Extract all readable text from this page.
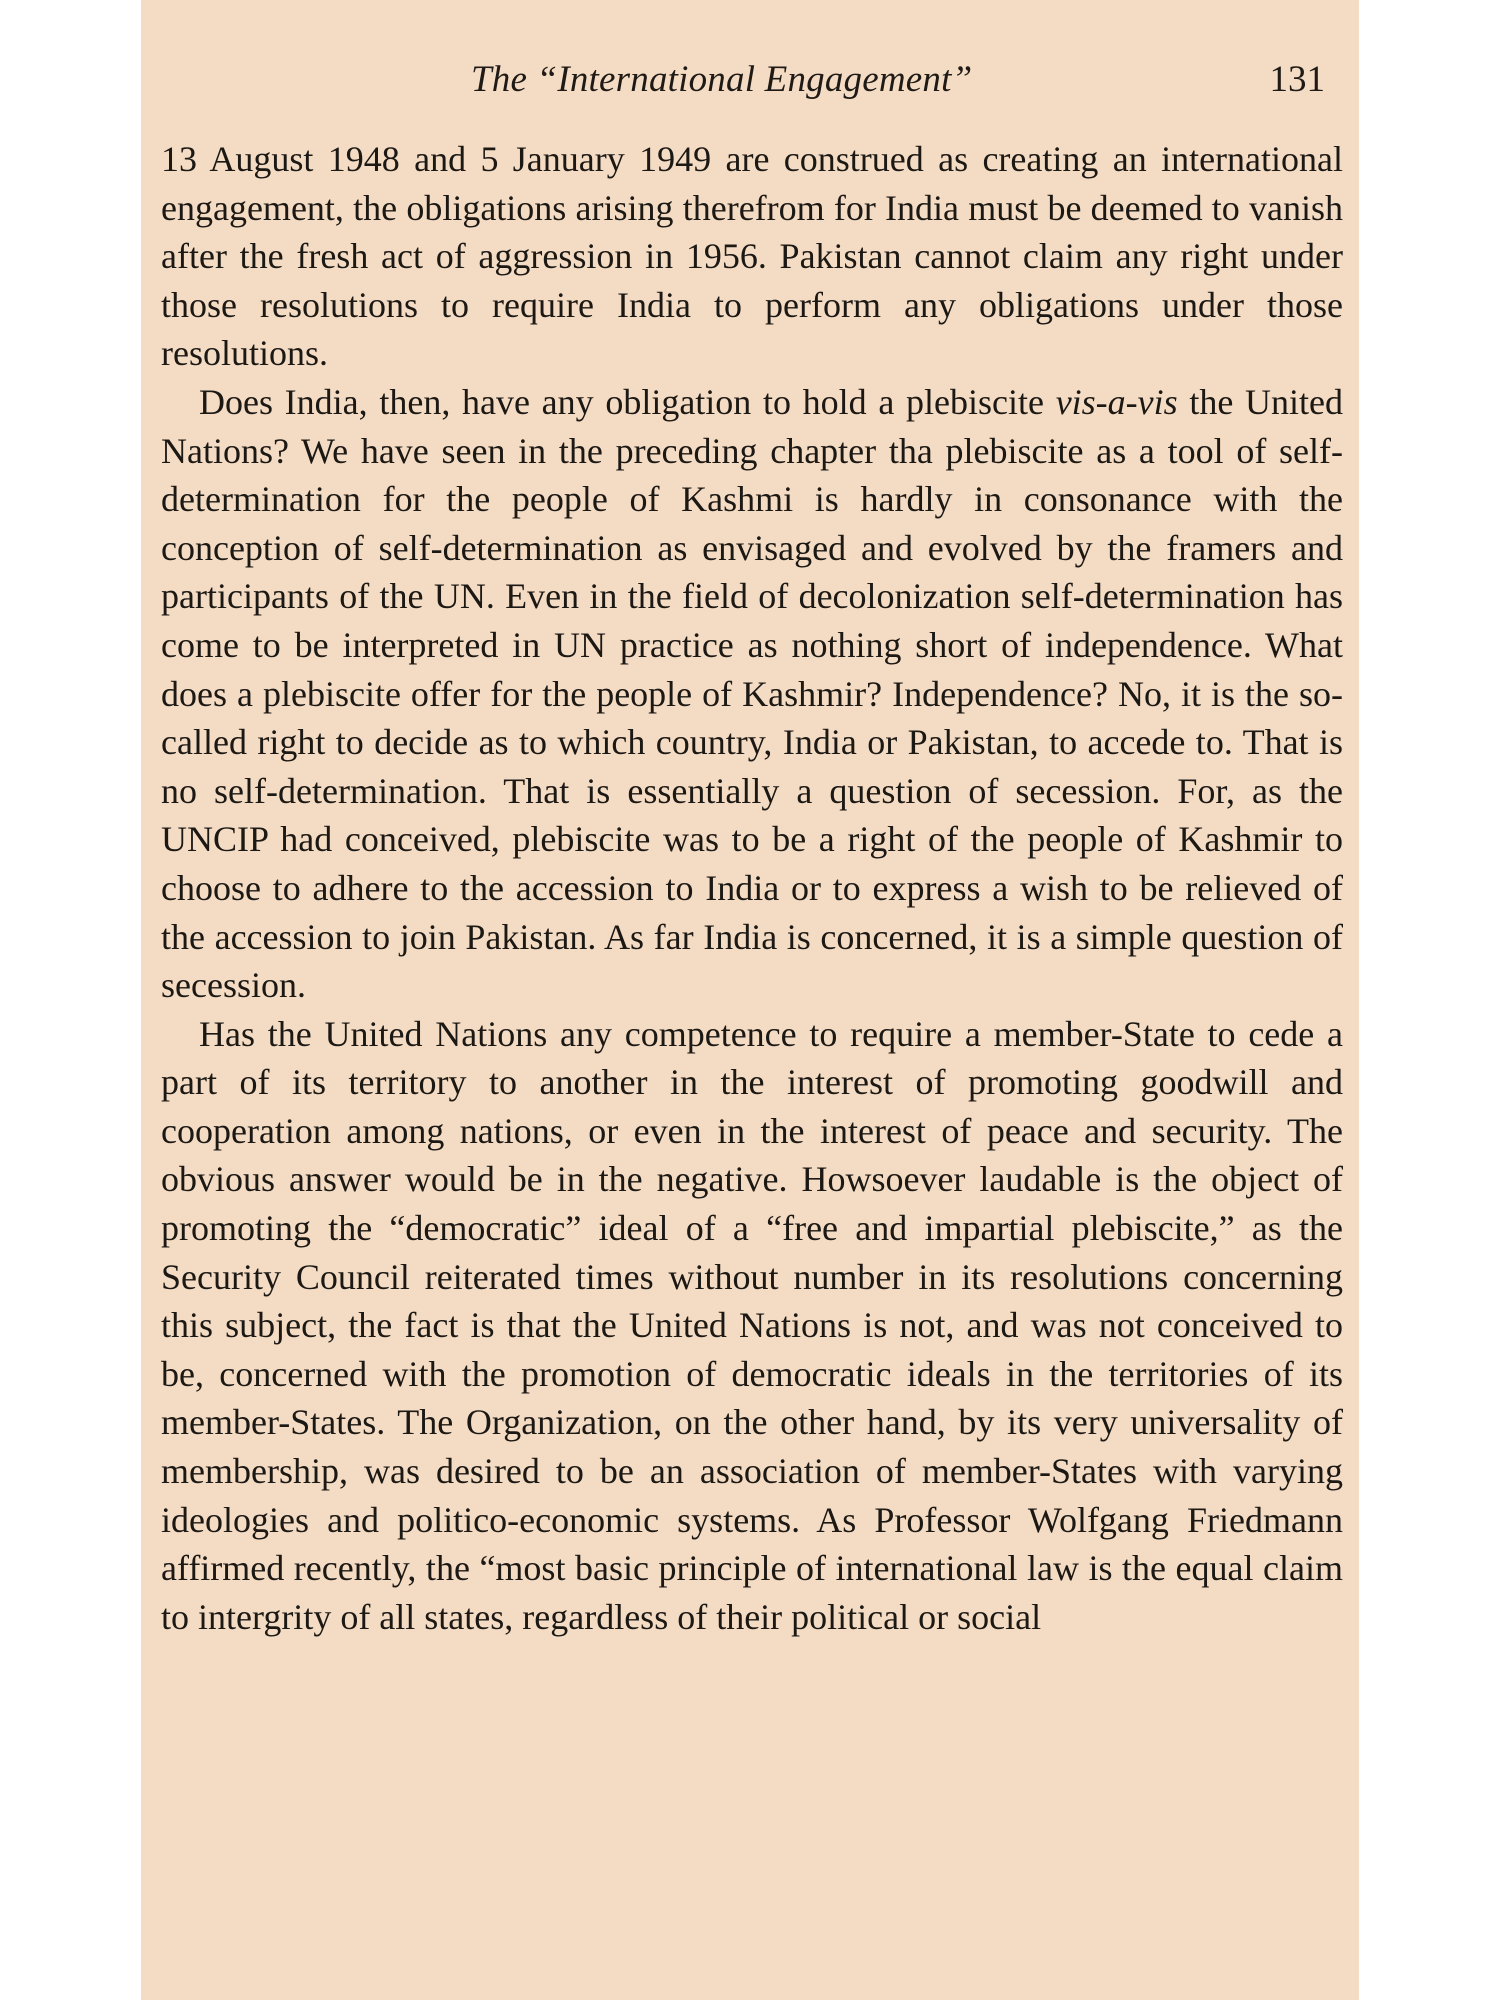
The “International Engagement”	131

13 August 1948 and 5 January 1949 are construed as creating an international engagement, the obligations arising therefrom for India must be deemed to vanish after the fresh act of aggression in 1956. Pakistan cannot claim any right under those resolutions to require India to perform any obligations under those resolutions.

Does India, then, have any obligation to hold a plebiscite vis-a-vis the United Nations? We have seen in the preceding chapter tha plebiscite as a tool of self-determination for the people of Kashmi is hardly in consonance with the conception of self-determination as envisaged and evolved by the framers and participants of the UN. Even in the field of decolonization self-determination has come to be interpreted in UN practice as nothing short of independence. What does a plebiscite offer for the people of Kashmir? Independence? No, it is the so-called right to decide as to which country, India or Pakistan, to accede to. That is no self-determination. That is essentially a question of secession. For, as the UNCIP had conceived, plebiscite was to be a right of the people of Kashmir to choose to adhere to the accession to India or to express a wish to be relieved of the accession to join Pakistan. As far India is concerned, it is a simple question of secession.

Has the United Nations any competence to require a member-State to cede a part of its territory to another in the interest of promoting goodwill and cooperation among nations, or even in the interest of peace and security. The obvious answer would be in the negative. Howsoever laudable is the object of promoting the “democratic” ideal of a “free and impartial plebiscite,” as the Security Council reiterated times without number in its resolutions concerning this subject, the fact is that the United Nations is not, and was not conceived to be, concerned with the promotion of democratic ideals in the territories of its member-States. The Organization, on the other hand, by its very universality of membership, was desired to be an association of member-States with varying ideologies and politico-economic systems. As Professor Wolfgang Friedmann affirmed recently, the “most basic principle of international law is the equal claim to intergrity of all states, regardless of their political or social
